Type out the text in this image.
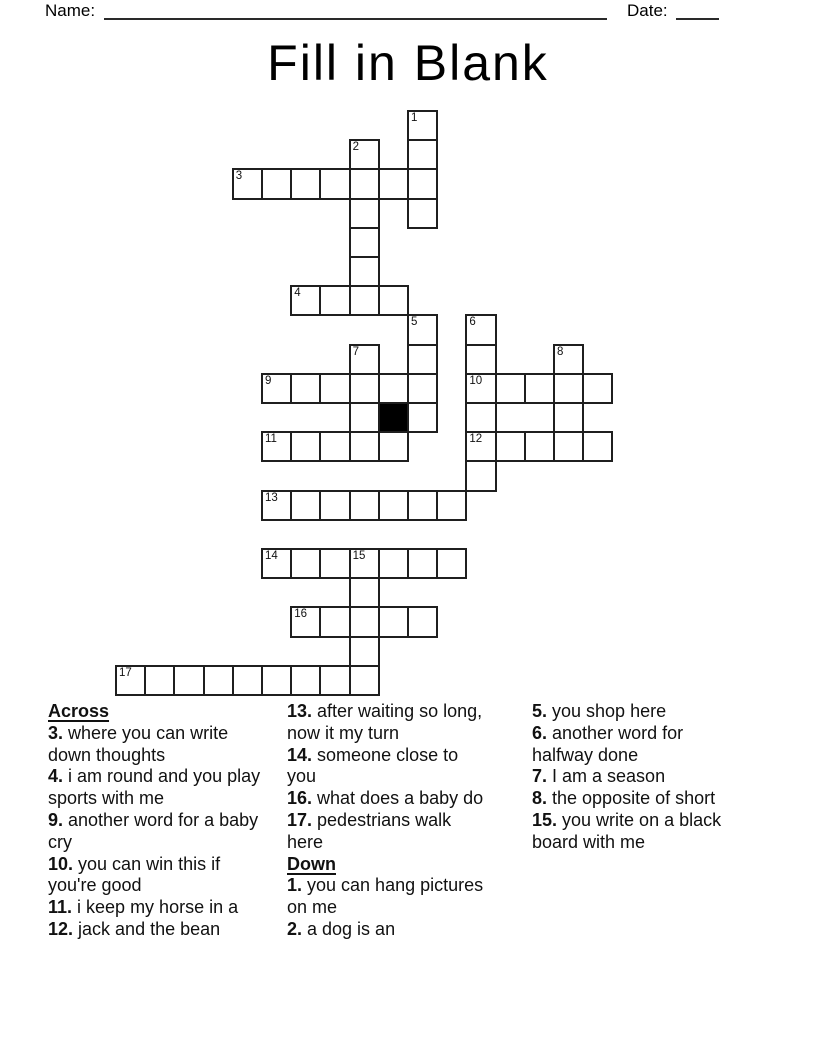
Name:	Date:
Fill in Blank
1
2
3
4
5	6
10
12
7	8
9
11
13
14	15
16
17
Across
3. where you can write down thoughts
4. i am round and you play sports with me
9. another word for a baby cry
10. you can win this if you're good
11. i keep my horse in a
12. jack and the bean
13. after waiting so long, now it my turn
14. someone close to you
16. what does a baby do
17. pedestrians walk here
Down
1. you can hang pictures on me
2. a dog is an
5. you shop here
6. another word for halfway done
7. I am a season
8. the opposite of short
15. you write on a black board with me
